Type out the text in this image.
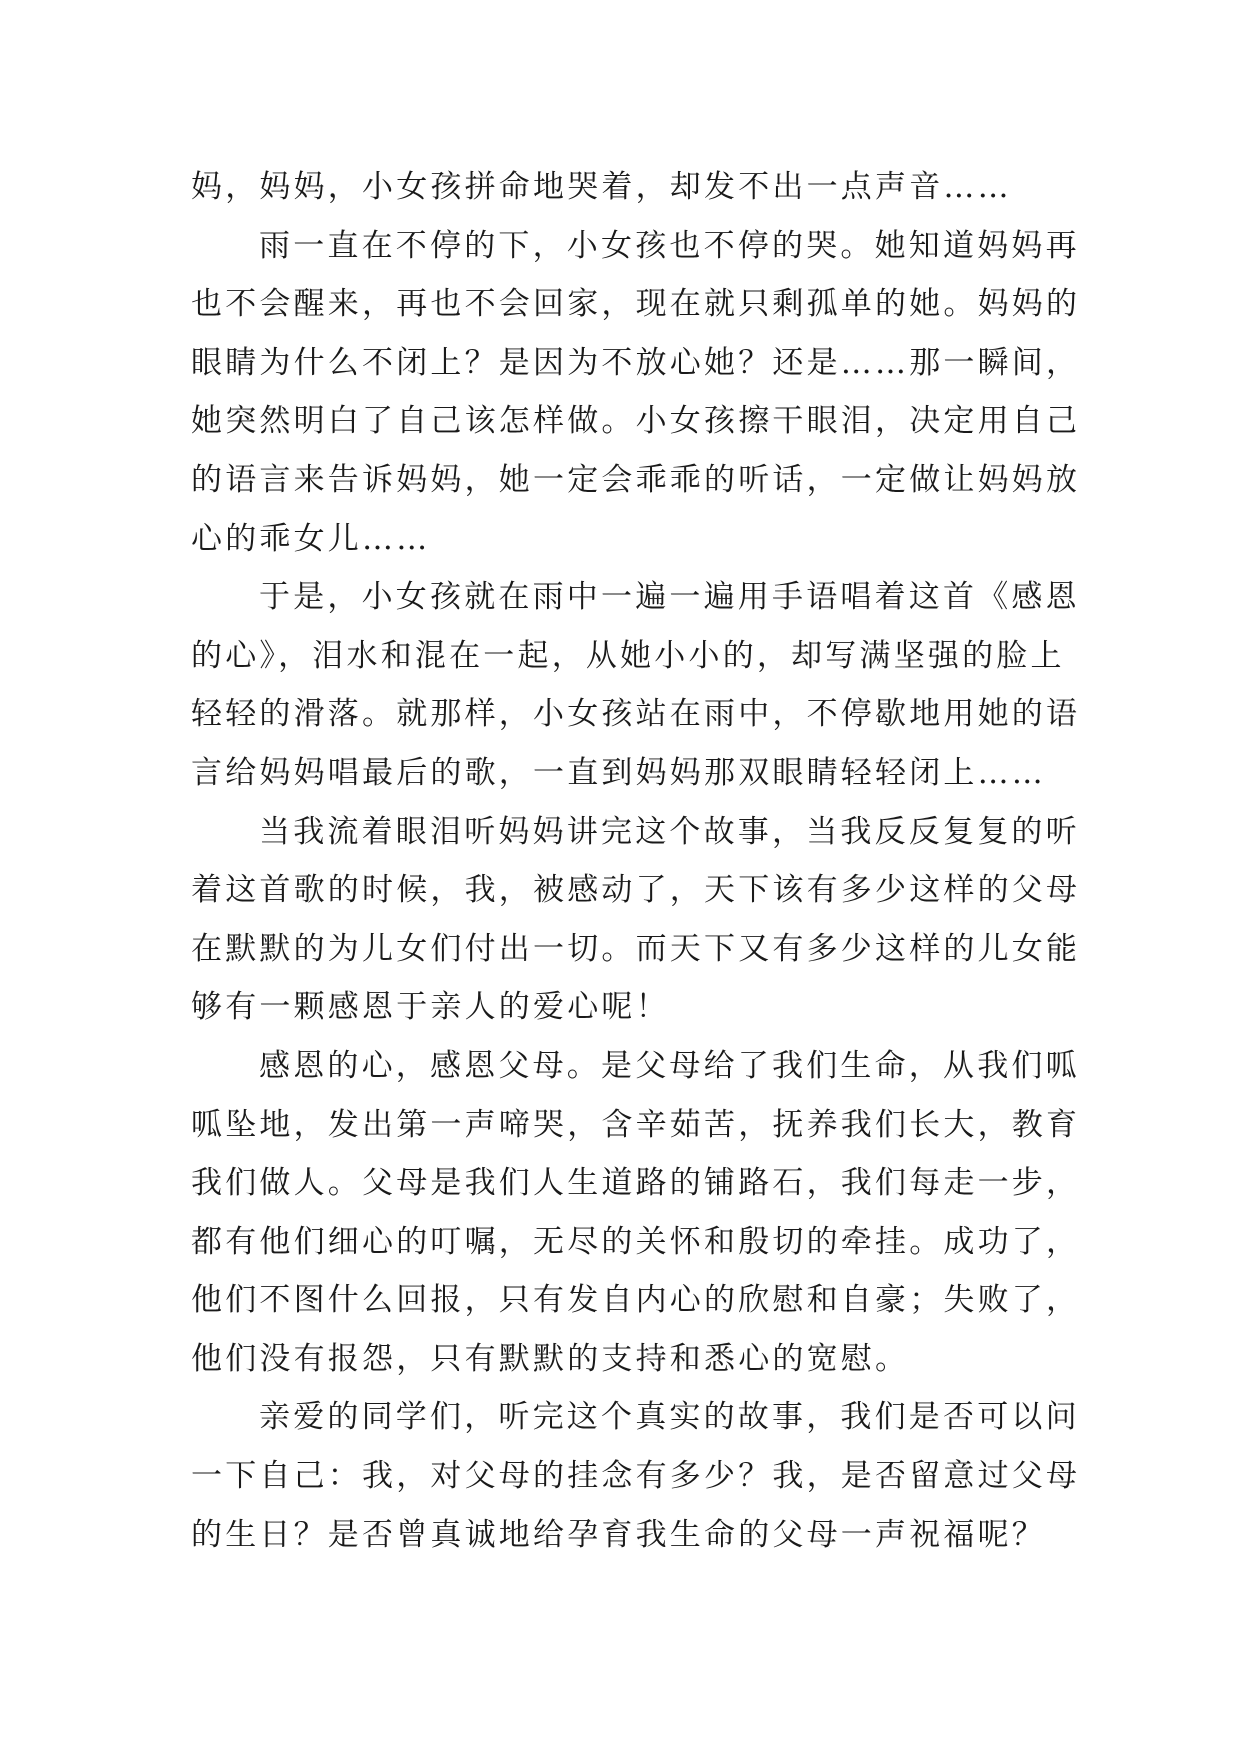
妈，妈妈，小女孩拼命地哭着，却发不出一点声音……
雨一直在不停的下，小女孩也不停的哭。她知道妈妈再
也不会醒来，再也不会回家，现在就只剩孤单的她。妈妈的
眼睛为什么不闭上？是因为不放心她？还是……那一瞬间，
她突然明白了自己该怎样做。小女孩擦干眼泪，决定用自己
的语言来告诉妈妈，她一定会乖乖的听话，一定做让妈妈放
心的乖女儿……
于是，小女孩就在雨中一遍一遍用手语唱着这首《感恩
的心》，泪水和混在一起，从她小小的，却写满坚强的脸上
轻轻的滑落。就那样，小女孩站在雨中，不停歇地用她的语
言给妈妈唱最后的歌，一直到妈妈那双眼睛轻轻闭上……
当我流着眼泪听妈妈讲完这个故事，当我反反复复的听
着这首歌的时候，我，被感动了，天下该有多少这样的父母
在默默的为儿女们付出一切。而天下又有多少这样的儿女能
够有一颗感恩于亲人的爱心呢！
感恩的心，感恩父母。是父母给了我们生命，从我们呱
呱坠地，发出第一声啼哭，含辛茹苦，抚养我们长大，教育
我们做人。父母是我们人生道路的铺路石，我们每走一步，
都有他们细心的叮嘱，无尽的关怀和殷切的牵挂。成功了，
他们不图什么回报，只有发自内心的欣慰和自豪；失败了，
他们没有报怨，只有默默的支持和悉心的宽慰。
亲爱的同学们，听完这个真实的故事，我们是否可以问
一下自己：我，对父母的挂念有多少？我，是否留意过父母
的生日？是否曾真诚地给孕育我生命的父母一声祝福呢？
